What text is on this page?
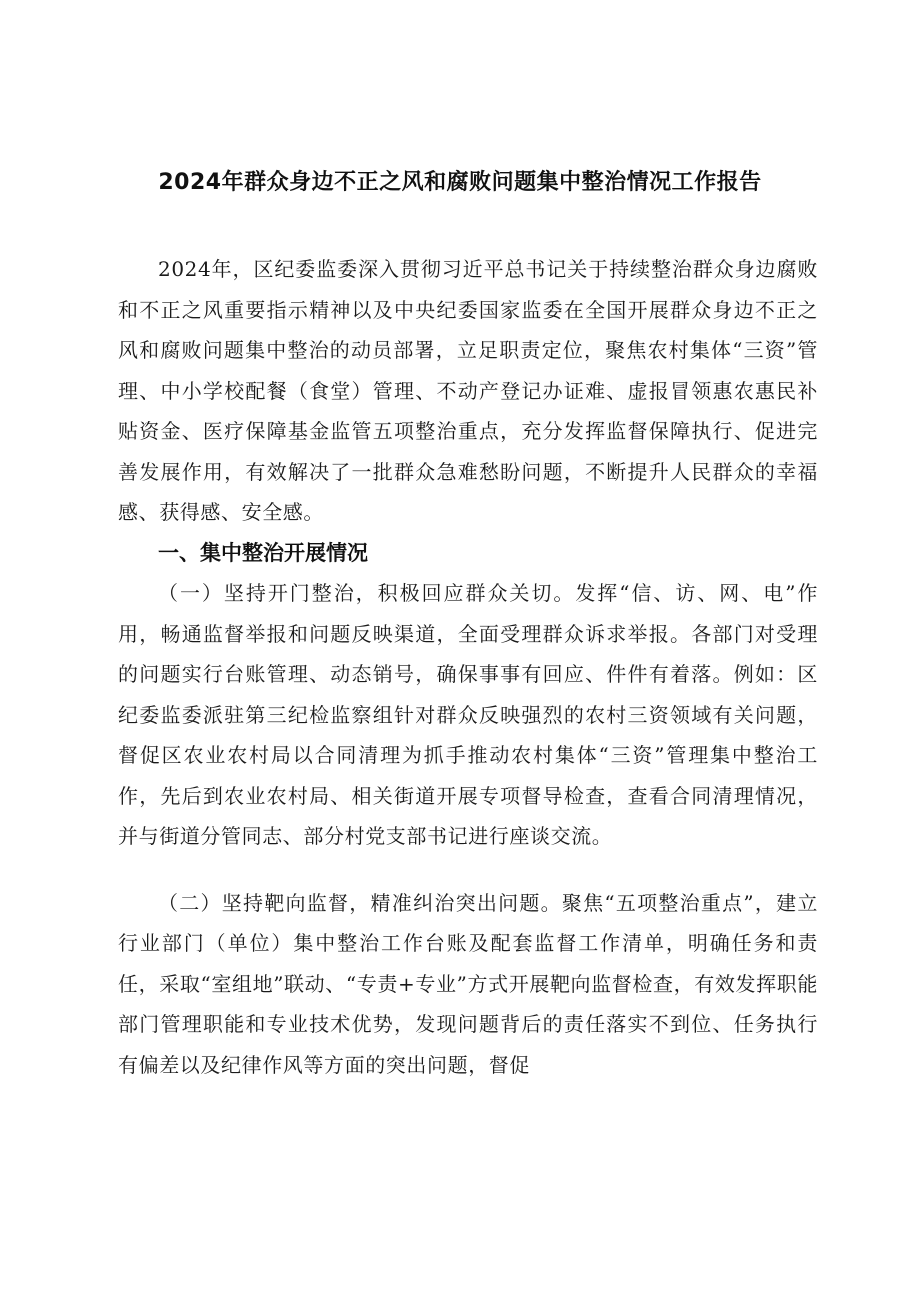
2024年群众身边不正之风和腐败问题集中整治情况工作报告

2024年，区纪委监委深入贯彻习近平总书记关于持续整治群众身边腐败和不正之风重要指示精神以及中央纪委国家监委在全国开展群众身边不正之风和腐败问题集中整治的动员部署，立足职责定位，聚焦农村集体“三资”管理、中小学校配餐（食堂）管理、不动产登记办证难、虚报冒领惠农惠民补贴资金、医疗保障基金监管五项整治重点，充分发挥监督保障执行、促进完善发展作用，有效解决了一批群众急难愁盼问题，不断提升人民群众的幸福感、获得感、安全感。

一、集中整治开展情况

（一）坚持开门整治，积极回应群众关切。发挥“信、访、网、电”作用，畅通监督举报和问题反映渠道，全面受理群众诉求举报。各部门对受理的问题实行台账管理、动态销号，确保事事有回应、件件有着落。例如：区纪委监委派驻第三纪检监察组针对群众反映强烈的农村三资领域有关问题，督促区农业农村局以合同清理为抓手推动农村集体“三资”管理集中整治工作，先后到农业农村局、相关街道开展专项督导检查，查看合同清理情况，并与街道分管同志、部分村党支部书记进行座谈交流。

（二）坚持靶向监督，精准纠治突出问题。聚焦“五项整治重点”，建立行业部门（单位）集中整治工作台账及配套监督工作清单，明确任务和责任，采取“室组地”联动、“专责+专业”方式开展靶向监督检查，有效发挥职能部门管理职能和专业技术优势，发现问题背后的责任落实不到位、任务执行有偏差以及纪律作风等方面的突出问题，督促
